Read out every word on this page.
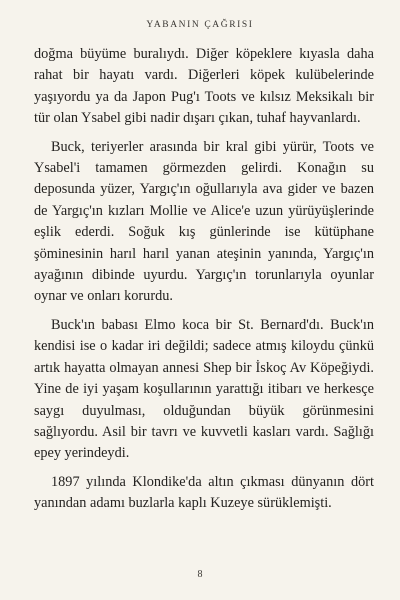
YABANIN ÇAĞRISI

doğma büyüme buralıydı. Diğer köpeklere kıyasla daha rahat bir hayatı vardı. Diğerleri köpek kulübelerinde yaşıyordu ya da Japon Pug'ı Toots ve kılsız Meksikalı bir tür olan Ysabel gibi nadir dışarı çıkan, tuhaf hayvanlardı.

Buck, teriyerler arasında bir kral gibi yürür, Toots ve Ysabel'i tamamen görmezden gelirdi. Konağın su deposunda yüzer, Yargıç'ın oğullarıyla ava gider ve bazen de Yargıç'ın kızları Mollie ve Alice'e uzun yürüyüşlerinde eşlik ederdi. Soğuk kış günlerinde ise kütüphane şöminesinin harıl harıl yanan ateşinin yanında, Yargıç'ın ayağının dibinde uyurdu. Yargıç'ın torunlarıyla oyunlar oynar ve onları korurdu.

Buck'ın babası Elmo koca bir St. Bernard'dı. Buck'ın kendisi ise o kadar iri değildi; sadece atmış kiloydu çünkü artık hayatta olmayan annesi Shep bir İskoç Av Köpeğiydi. Yine de iyi yaşam koşullarının yarattığı itibarı ve herkesçe saygı duyulması, olduğundan büyük görünmesini sağlıyordu. Asil bir tavrı ve kuvvetli kasları vardı. Sağlığı epey yerindeydi.

1897 yılında Klondike'da altın çıkması dünyanın dört yanından adamı buzlarla kaplı Kuzeye sürüklemişti.

8
